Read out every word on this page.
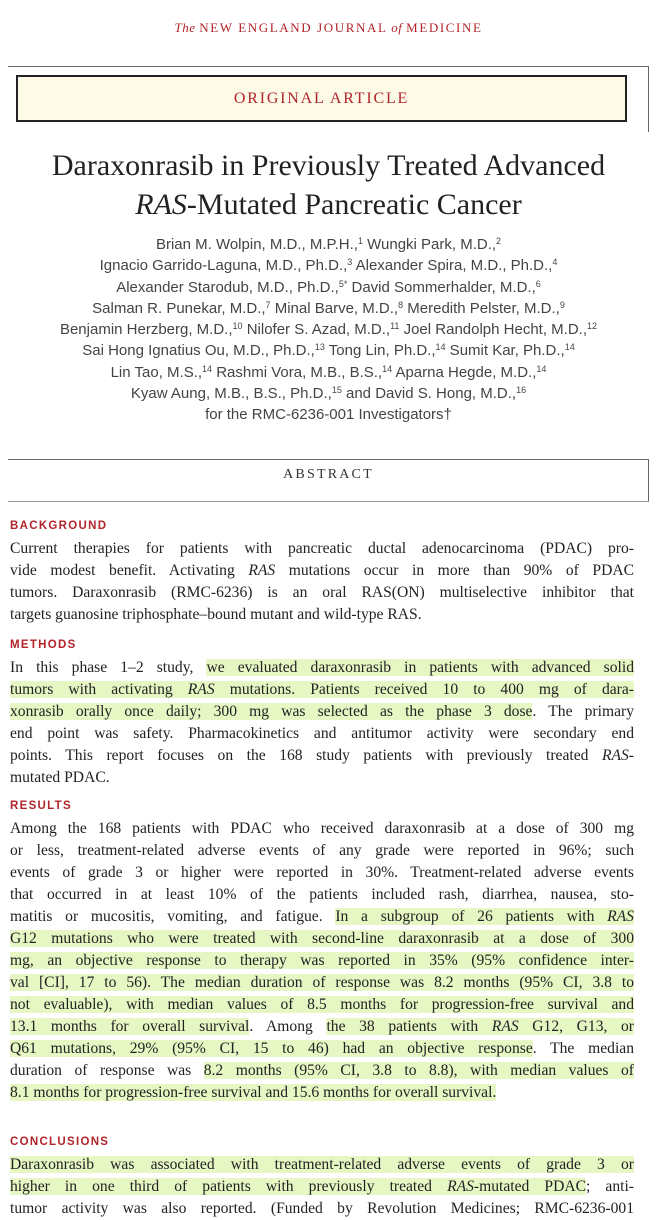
The NEW ENGLAND JOURNAL of MEDICINE
ORIGINAL ARTICLE
Daraxonrasib in Previously Treated Advanced
RAS-Mutated Pancreatic Cancer
Brian M. Wolpin, M.D., M.P.H.,$^1$ Wungki Park, M.D.,$^2$
Ignacio Garrido-Laguna, M.D., Ph.D.,$^3$ Alexander Spira, M.D., Ph.D.,$^4$
Alexander Starodub, M.D., Ph.D.,$^{5*}$ David Sommerhalder, M.D.,$^6$
Salman R. Punekar, M.D.,$^7$ Minal Barve, M.D.,$^8$ Meredith Pelster, M.D.,$^9$
Benjamin Herzberg, M.D.,$^{10}$ Nilofer S. Azad, M.D.,$^{11}$ Joel Randolph Hecht, M.D.,$^{12}$
Sai Hong Ignatius Ou, M.D., Ph.D.,$^{13}$ Tong Lin, Ph.D.,$^{14}$ Sumit Kar, Ph.D.,$^{14}$
Lin Tao, M.S.,$^{14}$ Rashmi Vora, M.B., B.S.,$^{14}$ Aparna Hegde, M.D.,$^{14}$
Kyaw Aung, M.B., B.S., Ph.D.,$^{15}$ and David S. Hong, M.D.,$^{16}$
for the RMC-6236-001 Investigators†
ABSTRACT
BACKGROUND
Current therapies for patients with pancreatic ductal adenocarcinoma (PDAC) pro-
vide modest benefit. Activating RAS mutations occur in more than 90% of PDAC
tumors. Daraxonrasib (RMC-6236) is an oral RAS(ON) multiselective inhibitor that
targets guanosine triphosphate–bound mutant and wild-type RAS.
METHODS
In this phase 1–2 study, we evaluated daraxonrasib in patients with advanced solid
tumors with activating RAS mutations. Patients received 10 to 400 mg of dara-
xonrasib orally once daily; 300 mg was selected as the phase 3 dose. The primary
end point was safety. Pharmacokinetics and antitumor activity were secondary end
points. This report focuses on the 168 study patients with previously treated RAS-
mutated PDAC.
RESULTS
Among the 168 patients with PDAC who received daraxonrasib at a dose of 300 mg
or less, treatment-related adverse events of any grade were reported in 96%; such
events of grade 3 or higher were reported in 30%. Treatment-related adverse events
that occurred in at least 10% of the patients included rash, diarrhea, nausea, sto-
matitis or mucositis, vomiting, and fatigue. In a subgroup of 26 patients with RAS
G12 mutations who were treated with second-line daraxonrasib at a dose of 300
mg, an objective response to therapy was reported in 35% (95% confidence inter-
val [CI], 17 to 56). The median duration of response was 8.2 months (95% CI, 3.8 to
not evaluable), with median values of 8.5 months for progression-free survival and
13.1 months for overall survival. Among the 38 patients with RAS G12, G13, or
Q61 mutations, 29% (95% CI, 15 to 46) had an objective response. The median
duration of response was 8.2 months (95% CI, 3.8 to 8.8), with median values of
8.1 months for progression-free survival and 15.6 months for overall survival.
CONCLUSIONS
Daraxonrasib was associated with treatment-related adverse events of grade 3 or
higher in one third of patients with previously treated RAS-mutated PDAC; anti-
tumor activity was also reported. (Funded by Revolution Medicines; RMC-6236-001
